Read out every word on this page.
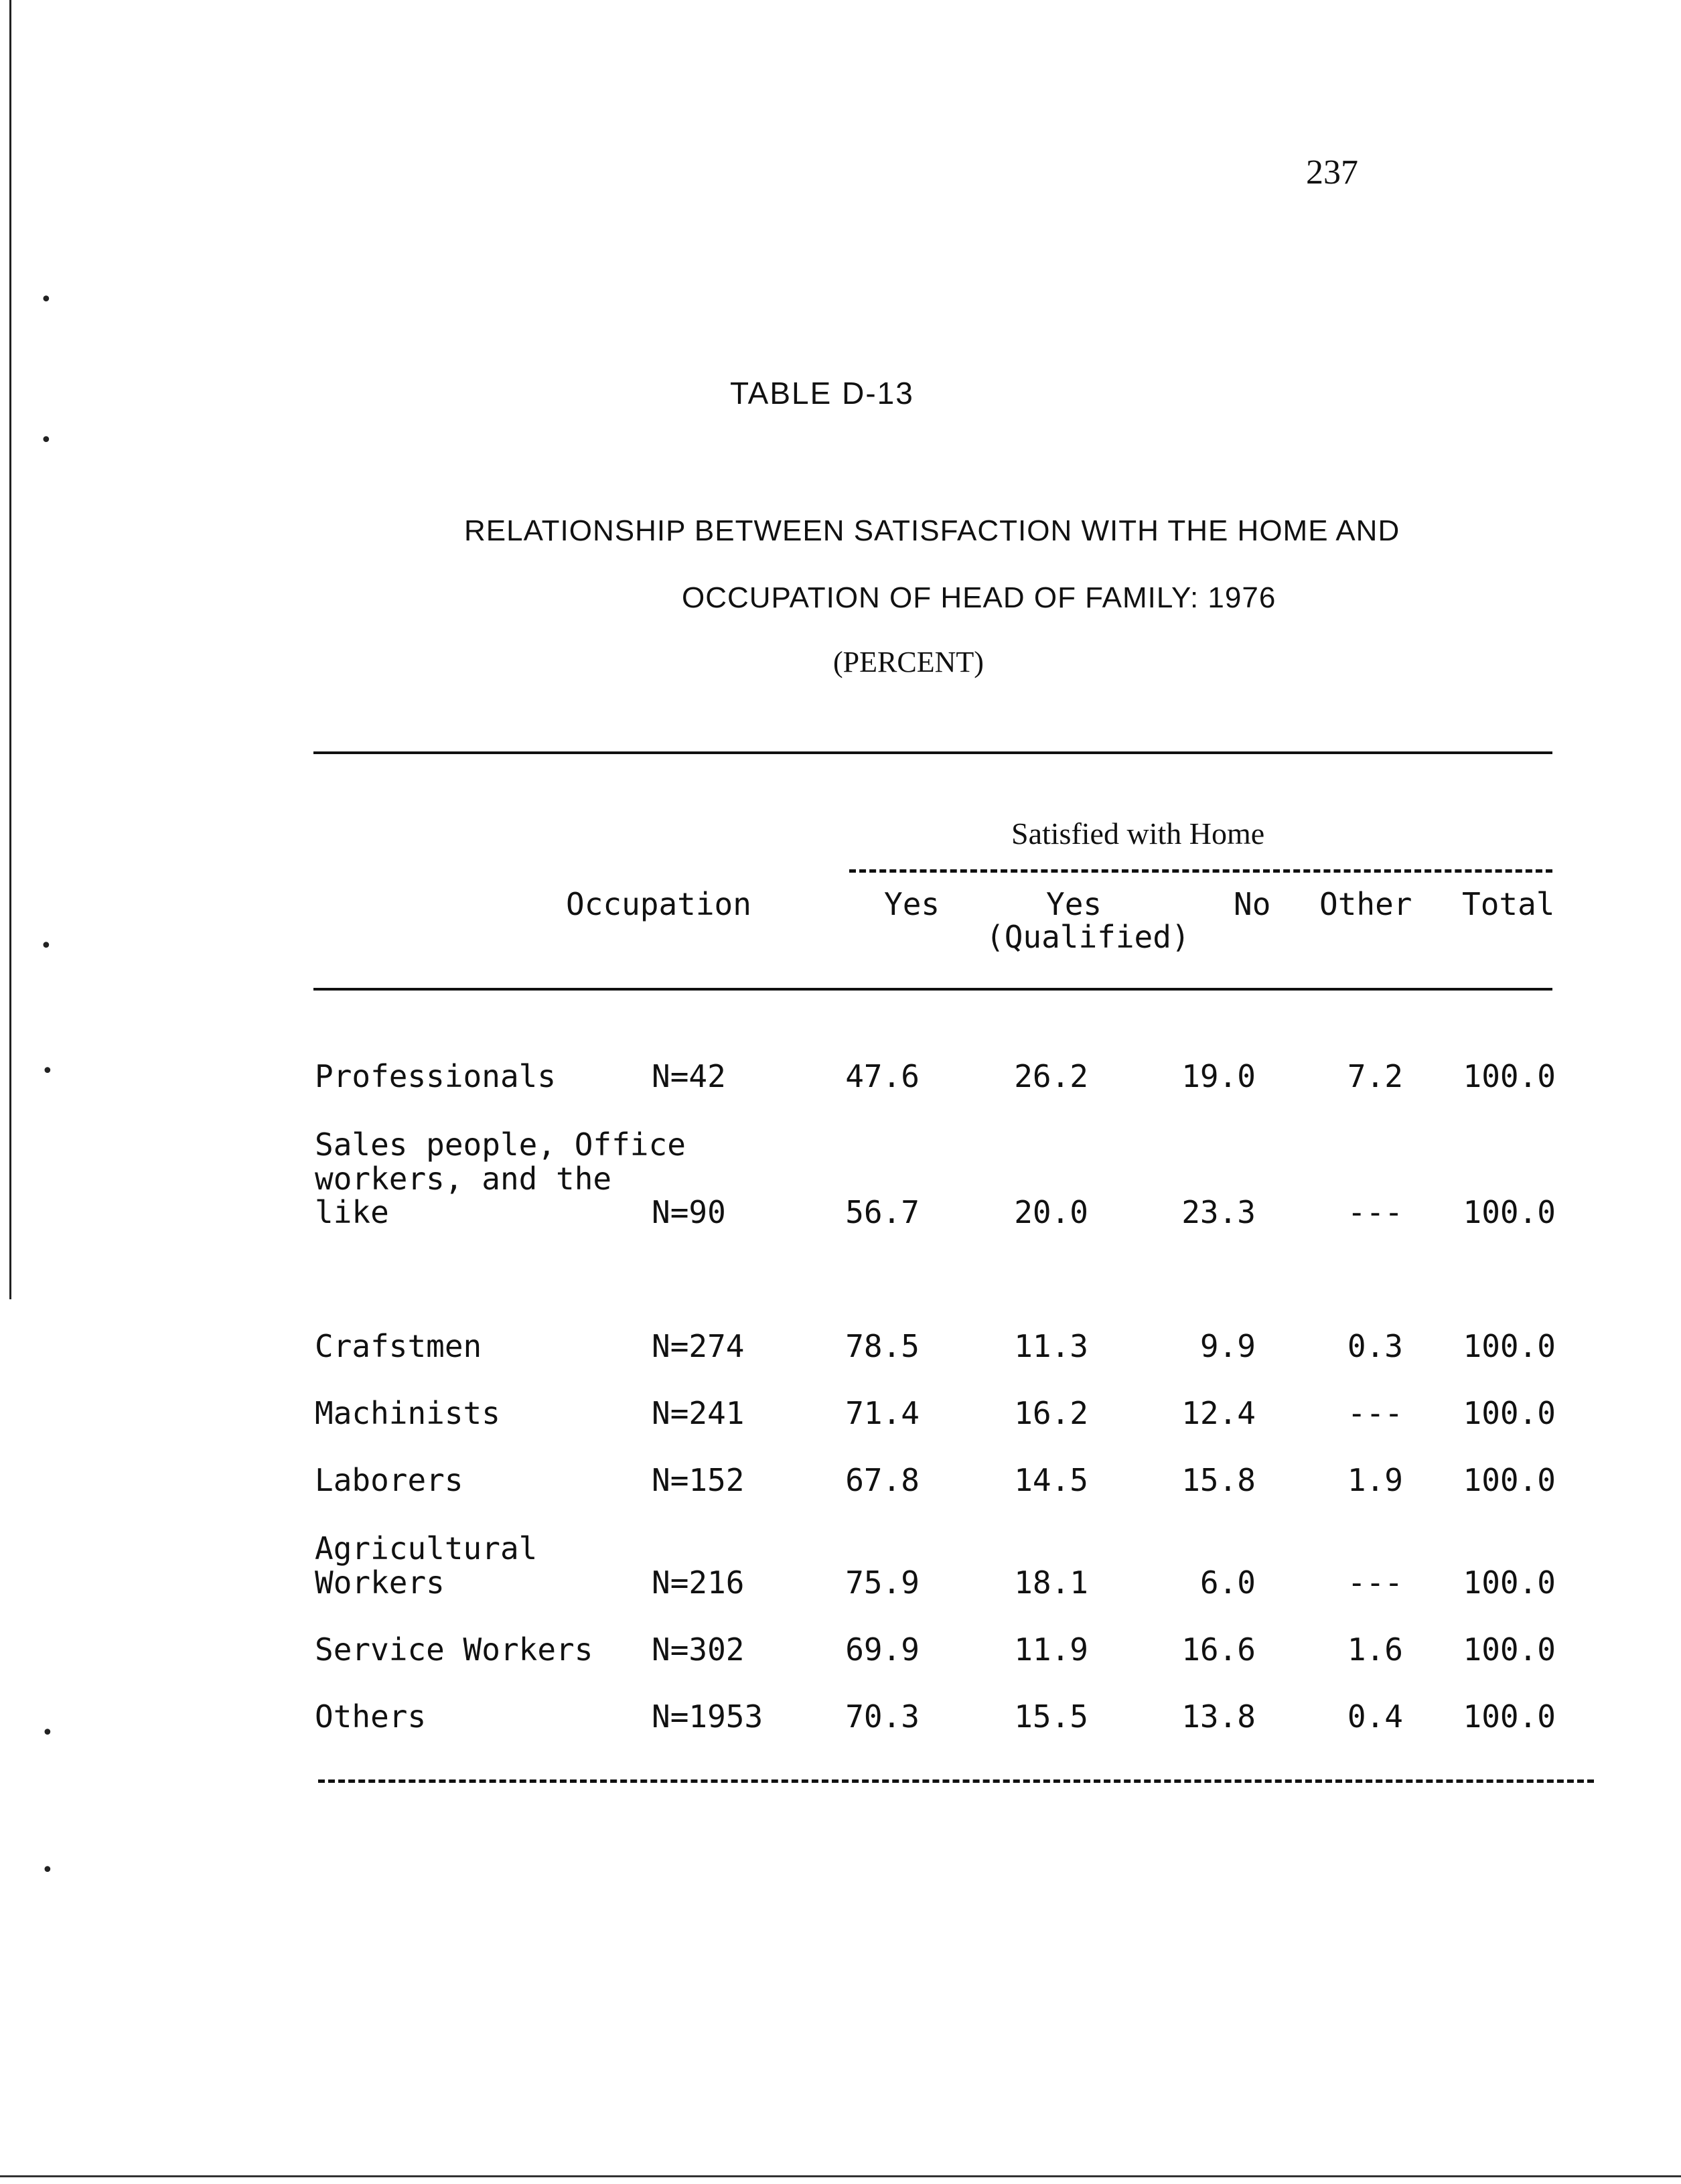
•
•
•
•
•
•
237
TABLE D-13
RELATIONSHIP BETWEEN SATISFACTION WITH THE HOME AND
OCCUPATION OF HEAD OF FAMILY: 1976
(PERCENT)
Satisfied with Home
Occupation	Yes	Yes
(Qualified)
No Other Total
Professionals	N=42	47.6	26.2	19.0	7.2	100.0
Sales people, Office
workers, and the
like	N=90	56.7	20.0	23.3	---	100.0
Crafstmen	N=274	78.5	11.3	9.9	0.3	100.0
Machinists	N=241	71.4	16.2	12.4	---	100.0
Laborers	N=152	67.8	14.5	15.8	1.9	100.0
Agricultural
Workers	N=216	75.9	18.1	6.0	---	100.0
Service Workers N=302	69.9	11.9	16.6	1.6	100.0
Others	N=1953	70.3	15.5	13.8	0.4	100.0
